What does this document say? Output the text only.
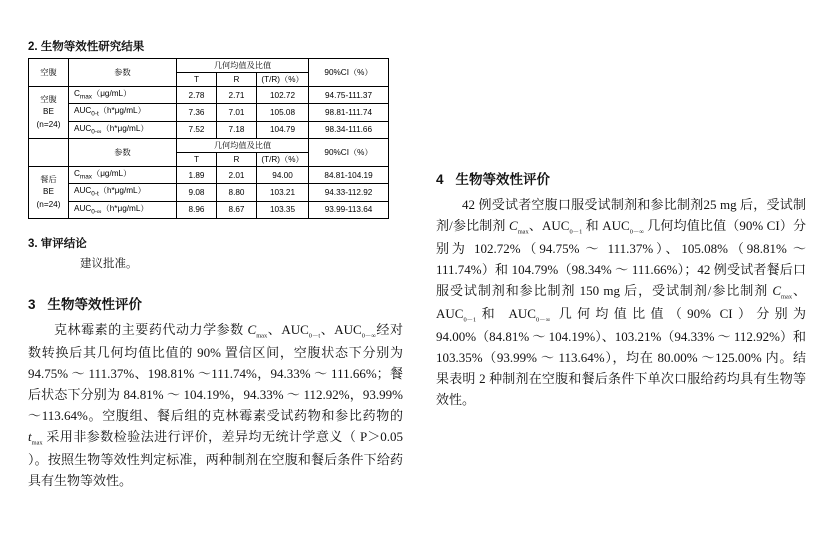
2. 生物等效性研究结果
空腹	参数	几何均值及比值			90%CI（%）
		T	R	(T/R)（%）	

空腹
BE
(n=24)	$C_{max}(\mu g/mL)$	2.78	2.71	102.72	94.75-111.37
	$AUC_{0-t}(h*\mu g/mL)$	7.36	7.01	105.08	98.81-111.74
	$AUC_{0-\infty}(h*\mu g/mL)$	7.52	7.18	104.79	98.34-111.66
	参数	几何均值及比值			90%CI（%）
		T	R	(T/R)（%）	

餐后
BE
(n=24)	$C_{max}(\mu g/mL)$	1.89	2.01	94.00	84.81-104.19
	$AUC_{0-t}(h*\mu g/mL)$	9.08	8.80	103.21	94.33-112.92
	$AUC_{0-\infty}(h*\mu g/mL)$	8.96	8.67	103.35	93.99-113.64
3. 审评结论
建议批准。
3 生物等效性评价

克林霉素的主要药代动力学参数 $C_{max}$、$AUC_{0-t}$、$AUC_{0-\infty}$经对数转换后其几何均值比值的 90% 置信区间，空腹状态下分别为 94.75% ～ 111.37%、198.81% ～111.74%，94.33% ～ 111.66%；餐后状态下分别为 84.81% ～ 104.19%，94.33% ～ 112.92%，93.99% ～113.64%。空腹组、餐后组的克林霉素受试药物和参比药物的 $t_{max}$ 采用非参数检验法进行评价，差异均无统计学意义（ P＞0.05 ）。按照生物等效性判定标准，两种制剂在空腹和餐后条件下给药具有生物等效性。

4 生物等效性评价

42 例受试者空腹口服受试制剂和参比制剂25 mg 后，受试制剂/参比制剂 $C_{max}$、$AUC_{0-1}$ 和 $AUC_{0-\infty}$ 几何均值比值（90% CI）分别为 102.72%（94.75% ～ 111.37%）、105.08%（98.81% ～ 111.74%）和 104.79%（98.34% ～ 111.66%）；42 例受试者餐后口服受试制剂和参比制剂 150 mg 后，受试制剂/参比制剂 $C_{max}$、$AUC_{0-1}$和 $AUC_{0-\infty}$ 几何均值比值（90% CI）分别为 94.00%（84.81% ～ 104.19%）、103.21%（94.33% ～ 112.92%）和 103.35%（93.99% ～ 113.64%），均在 80.00% ～125.00% 内。结果表明 2 种制剂在空腹和餐后条件下单次口服给药均具有生物等效性。
